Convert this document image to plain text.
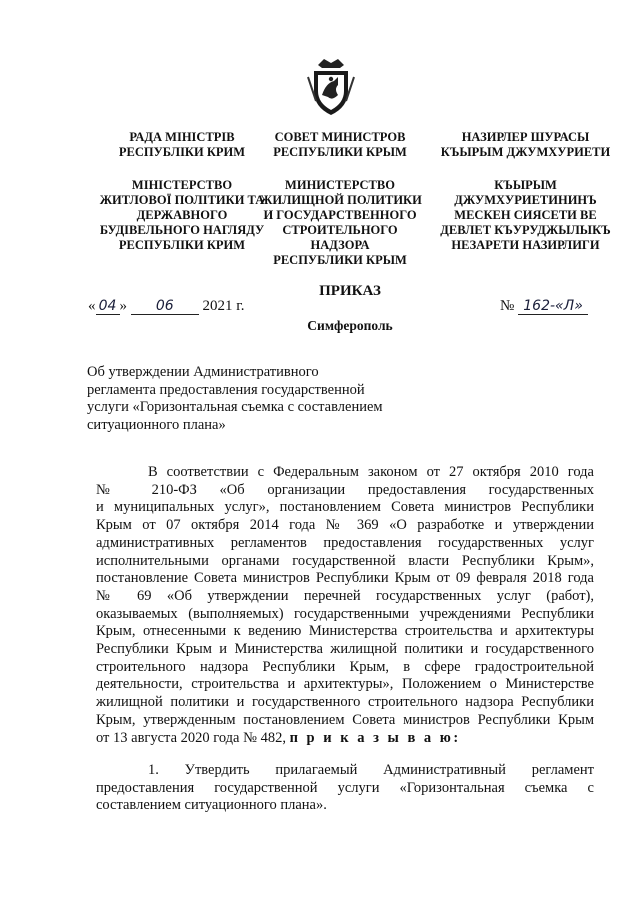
РАДА МІНІСТРІВ
РЕСПУБЛІКИ КРИМ
СОВЕТ МИНИСТРОВ
РЕСПУБЛИКИ КРЫМ
НАЗИРЛЕР ШУРАСЫ
КЪЫРЫМ ДЖУМХУРИЕТИ
МІНІСТЕРСТВО
ЖИТЛОВОЇ ПОЛІТИКИ ТА
ДЕРЖАВНОГО
БУДІВЕЛЬНОГО НАГЛЯДУ
РЕСПУБЛІКИ КРИМ
МИНИСТЕРСТВО
ЖИЛИЩНОЙ ПОЛИТИКИ
И ГОСУДАРСТВЕННОГО
СТРОИТЕЛЬНОГО
НАДЗОРА
РЕСПУБЛИКИ КРЫМ
КЪЫРЫМ
ДЖУМХУРИЕТИНИНЪ
МЕСКЕН СИЯСЕТИ ВЕ
ДЕВЛЕТ КЪУРУДЖЫЛЫКЪ
НЕЗАРЕТИ НАЗИРЛИГИ
ПРИКАЗ
Симферополь
« 04 » 06 2021 г.	№ 162-«Л»
Об утверждении Административного
регламента предоставления государственной
услуги «Горизонтальная съемка с составлением
ситуационного плана»
В соответствии с Федеральным законом от 27 октября 2010 года
№ 210-ФЗ «Об организации предоставления государственных
и муниципальных услуг», постановлением Совета министров Республики
Крым от 07 октября 2014 года № 369 «О разработке и утверждении
административных регламентов предоставления государственных услуг
исполнительными органами государственной власти Республики Крым»,
постановление Совета министров Республики Крым от 09 февраля 2018 года
№ 69 «Об утверждении перечней государственных услуг (работ),
оказываемых (выполняемых) государственными учреждениями Республики
Крым, отнесенными к ведению Министерства строительства и архитектуры
Республики Крым и Министерства жилищной политики и государственного
строительного надзора Республики Крым, в сфере градостроительной
деятельности, строительства и архитектуры», Положением о Министерстве
жилищной политики и государственного строительного надзора Республики
Крым, утвержденным постановлением Совета министров Республики Крым
от 13 августа 2020 года № 482, п р и к а з ы в а ю:
1. Утвердить прилагаемый Административный регламент
предоставления государственной услуги «Горизонтальная съемка с
составлением ситуационного плана».
